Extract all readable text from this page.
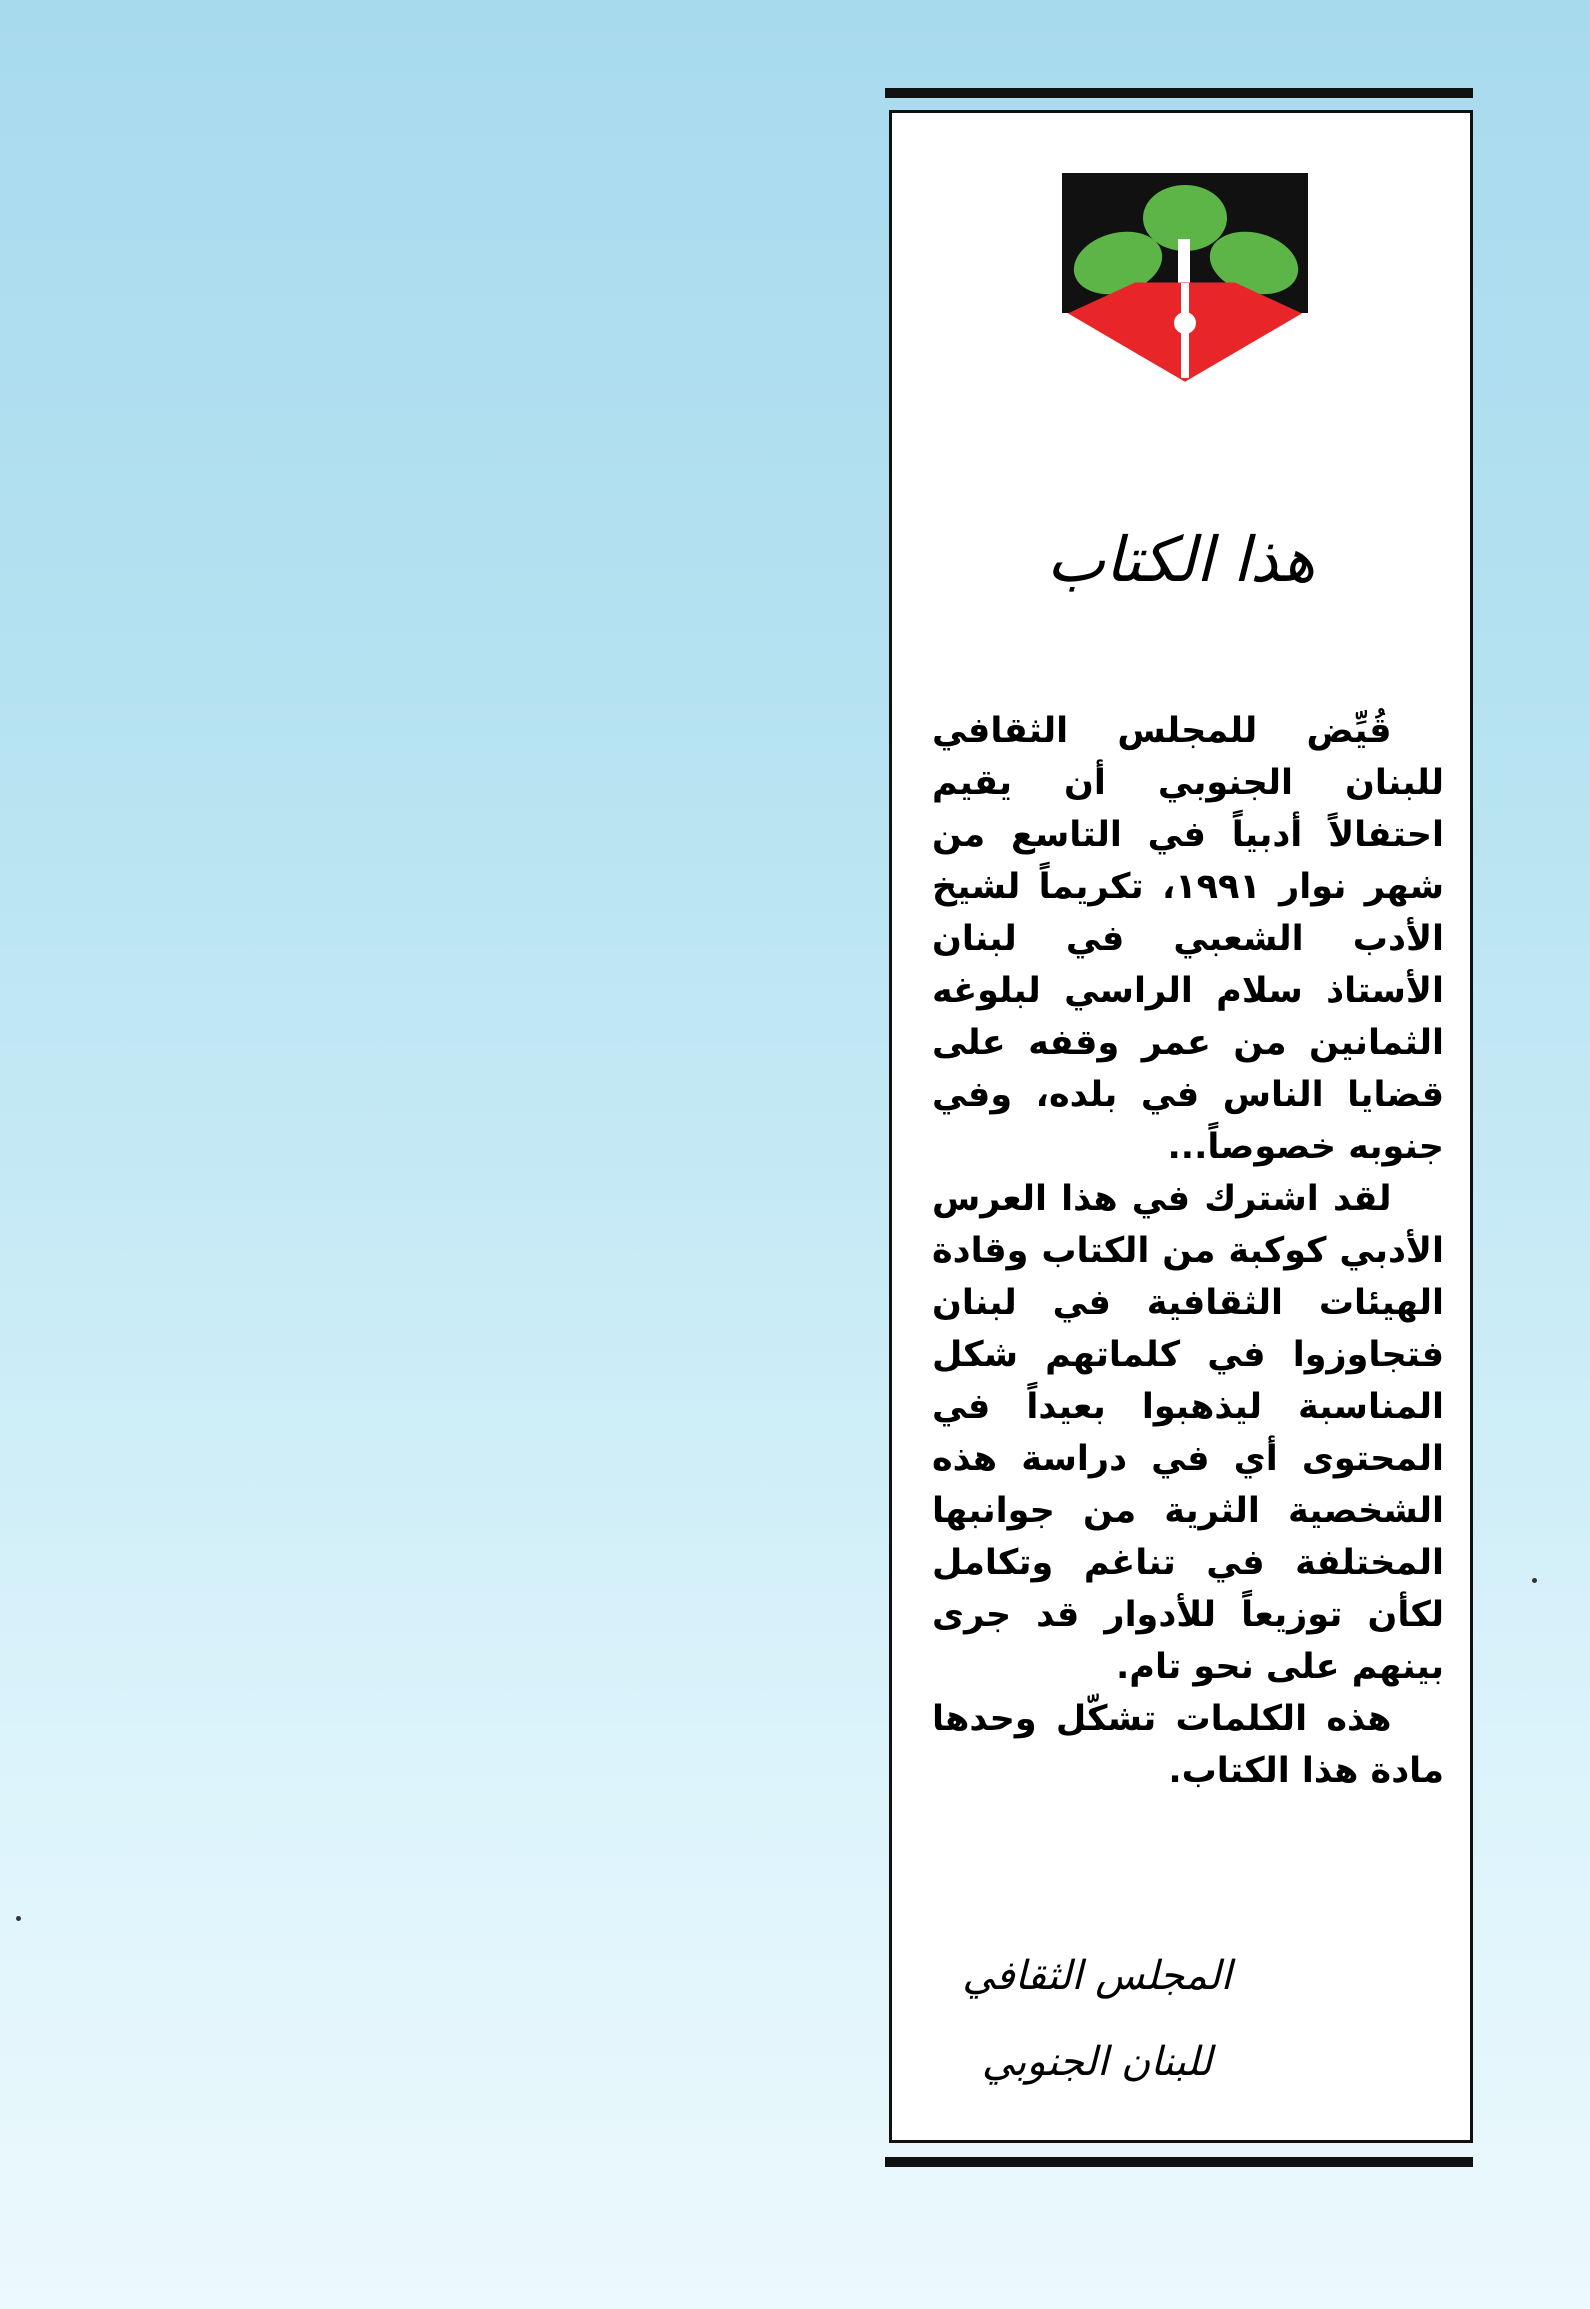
هذا الكتاب

قُيِّض للمجلس الثقافي للبنان الجنوبي أن يقيم احتفالاً أدبياً في التاسع من شهر نوار ١٩٩١، تكريماً لشيخ الأدب الشعبي في لبنان الأستاذ سلام الراسي لبلوغه الثمانين من عمر وقفه على قضايا الناس في بلده، وفي جنوبه خصوصاً...

لقد اشترك في هذا العرس الأدبي كوكبة من الكتاب وقادة الهيئات الثقافية في لبنان فتجاوزوا في كلماتهم شكل المناسبة ليذهبوا بعيداً في المحتوى أي في دراسة هذه الشخصية الثرية من جوانبها المختلفة في تناغم وتكامل لكأن توزيعاً للأدوار قد جرى بينهم على نحو تام.

هذه الكلمات تشكّل وحدها مادة هذا الكتاب.

المجلس الثقافي
للبنان الجنوبي
